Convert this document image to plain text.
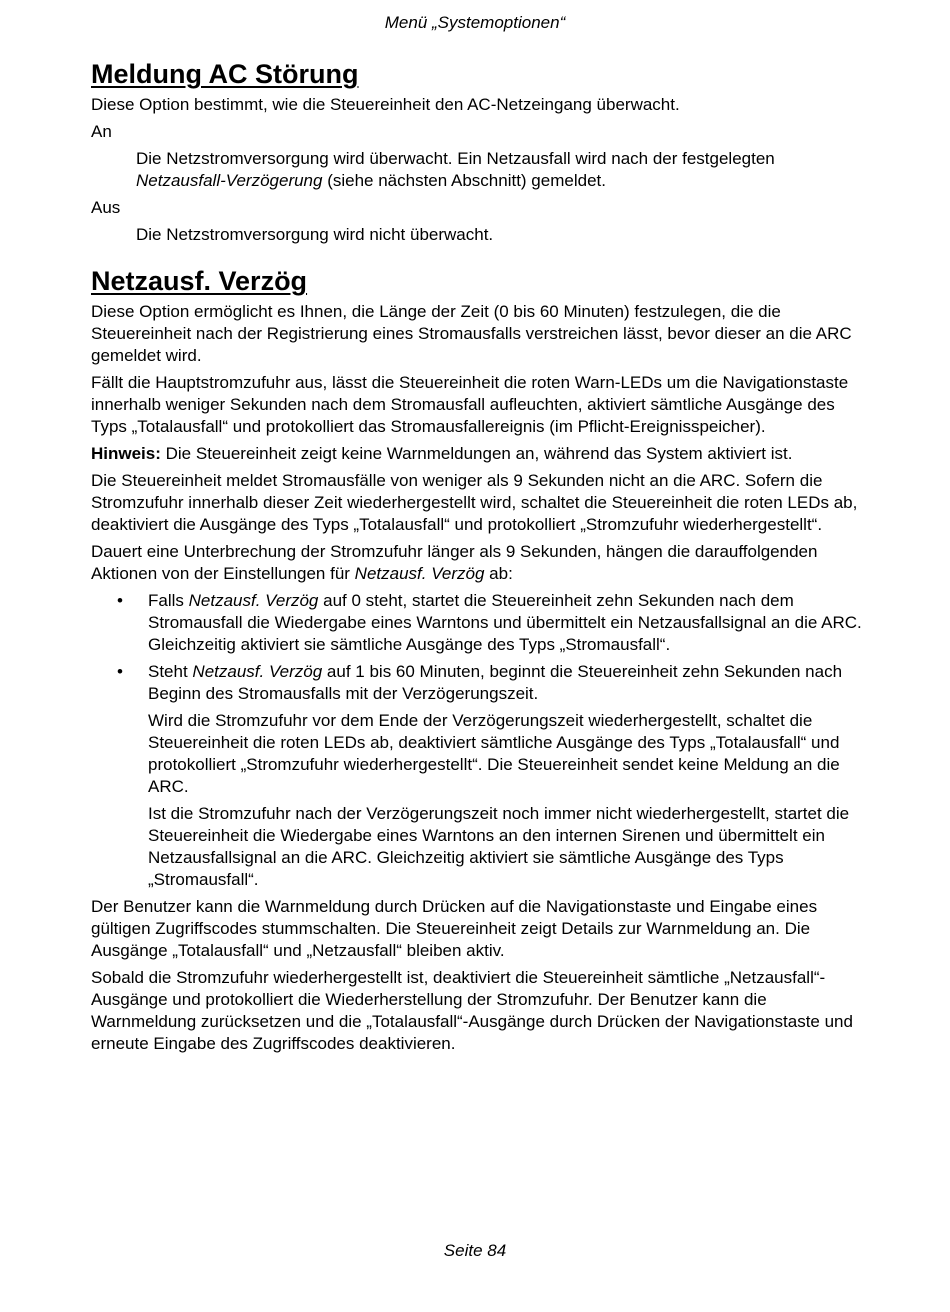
Menü „Systemoptionen“
Meldung AC Störung

Diese Option bestimmt, wie die Steuereinheit den AC-Netzeingang überwacht.

An
Die Netzstromversorgung wird überwacht. Ein Netzausfall wird nach der festgelegten Netzausfall-Verzögerung (siehe nächsten Abschnitt) gemeldet.
Aus
Die Netzstromversorgung wird nicht überwacht.
Netzausf. Verzög

Diese Option ermöglicht es Ihnen, die Länge der Zeit (0 bis 60 Minuten) festzulegen, die die Steuereinheit nach der Registrierung eines Stromausfalls verstreichen lässt, bevor dieser an die ARC gemeldet wird.

Fällt die Hauptstromzufuhr aus, lässt die Steuereinheit die roten Warn-LEDs um die Navigationstaste innerhalb weniger Sekunden nach dem Stromausfall aufleuchten, aktiviert sämtliche Ausgänge des Typs „Totalausfall“ und protokolliert das Stromausfallereignis (im Pflicht-Ereignisspeicher).

Hinweis: Die Steuereinheit zeigt keine Warnmeldungen an, während das System aktiviert ist.

Die Steuereinheit meldet Stromausfälle von weniger als 9 Sekunden nicht an die ARC. Sofern die Stromzufuhr innerhalb dieser Zeit wiederhergestellt wird, schaltet die Steuereinheit die roten LEDs ab, deaktiviert die Ausgänge des Typs „Totalausfall“ und protokolliert „Stromzufuhr wiederhergestellt“.

Dauert eine Unterbrechung der Stromzufuhr länger als 9 Sekunden, hängen die darauffolgenden Aktionen von der Einstellungen für Netzausf. Verzög ab:

• Falls Netzausf. Verzög auf 0 steht, startet die Steuereinheit zehn Sekunden nach dem Stromausfall die Wiedergabe eines Warntons und übermittelt ein Netzausfallsignal an die ARC. Gleichzeitig aktiviert sie sämtliche Ausgänge des Typs „Stromausfall“.

• Steht Netzausf. Verzög auf 1 bis 60 Minuten, beginnt die Steuereinheit zehn Sekunden nach Beginn des Stromausfalls mit der Verzögerungszeit.

Wird die Stromzufuhr vor dem Ende der Verzögerungszeit wiederhergestellt, schaltet die Steuereinheit die roten LEDs ab, deaktiviert sämtliche Ausgänge des Typs „Totalausfall“ und protokolliert „Stromzufuhr wiederhergestellt“. Die Steuereinheit sendet keine Meldung an die ARC.

Ist die Stromzufuhr nach der Verzögerungszeit noch immer nicht wiederhergestellt, startet die Steuereinheit die Wiedergabe eines Warntons an den internen Sirenen und übermittelt ein Netzausfallsignal an die ARC. Gleichzeitig aktiviert sie sämtliche Ausgänge des Typs „Stromausfall“.

Der Benutzer kann die Warnmeldung durch Drücken auf die Navigationstaste und Eingabe eines gültigen Zugriffscodes stummschalten. Die Steuereinheit zeigt Details zur Warnmeldung an. Die Ausgänge „Totalausfall“ und „Netzausfall“ bleiben aktiv.

Sobald die Stromzufuhr wiederhergestellt ist, deaktiviert die Steuereinheit sämtliche „Netzausfall“-Ausgänge und protokolliert die Wiederherstellung der Stromzufuhr. Der Benutzer kann die Warnmeldung zurücksetzen und die „Totalausfall“-Ausgänge durch Drücken der Navigationstaste und erneute Eingabe des Zugriffscodes deaktivieren.

Seite 84
